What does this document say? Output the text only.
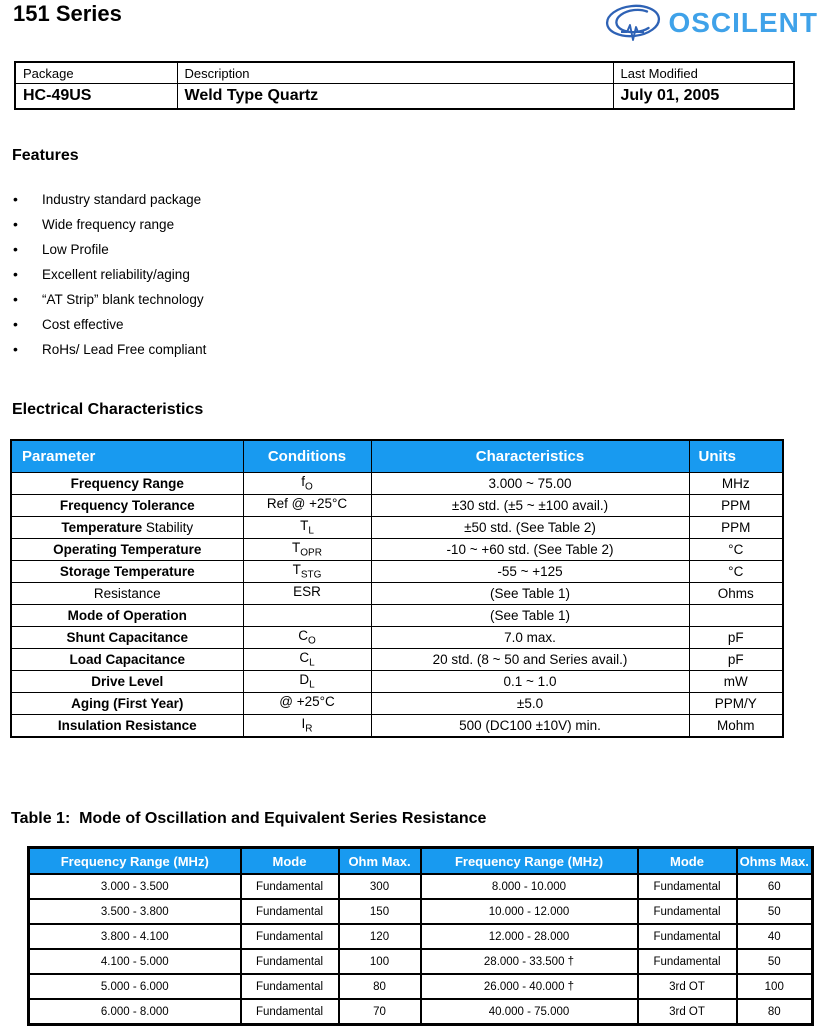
151 Series	OSCILENT
Package	Description	Last Modified
HC-49US	Weld Type Quartz	July 01, 2005
Features
• Industry standard package
• Wide frequency range
• Low Profile
• Excellent reliability/aging
• “AT Strip” blank technology
• Cost effective
• RoHs/ Lead Free compliant
Electrical Characteristics
Parameter	Conditions	Characteristics	Units
Frequency Range	$f_O$	3.000 ~ 75.00	MHz
Frequency Tolerance	Ref @ +25°C	±30 std. (±5 ~ ±100 avail.)	PPM
Temperature Stability	$T_L$	±50 std. (See Table 2)	PPM
Operating Temperature	$T_{OPR}$	-10 ~ +60 std. (See Table 2)	°C
Storage Temperature	$T_{STG}$	-55 ~ +125	°C
Resistance	ESR	(See Table 1)	Ohms
Mode of Operation		(See Table 1)	
Shunt Capacitance	$C_O$	7.0 max.	pF
Load Capacitance	$C_L$	20 std. (8 ~ 50 and Series avail.)	pF
Drive Level	$D_L$	0.1 ~ 1.0	mW
Aging (First Year)	@ +25°C	±5.0	PPM/Y
Insulation Resistance	$I_R$	500 (DC100 ±10V) min.	Mohm
Table 1:  Mode of Oscillation and Equivalent Series Resistance
Frequency Range (MHz)	Mode	Ohm Max.	Frequency Range (MHz)	Mode	Ohms Max.
3.000 - 3.500	Fundamental	300	8.000 - 10.000	Fundamental	60
3.500 - 3.800	Fundamental	150	10.000 - 12.000	Fundamental	50
3.800 - 4.100	Fundamental	120	12.000 - 28.000	Fundamental	40
4.100 - 5.000	Fundamental	100	28.000 - 33.500 †	Fundamental	50
5.000 - 6.000	Fundamental	80	26.000 - 40.000 †	3rd OT	100
6.000 - 8.000	Fundamental	70	40.000 - 75.000	3rd OT	80
